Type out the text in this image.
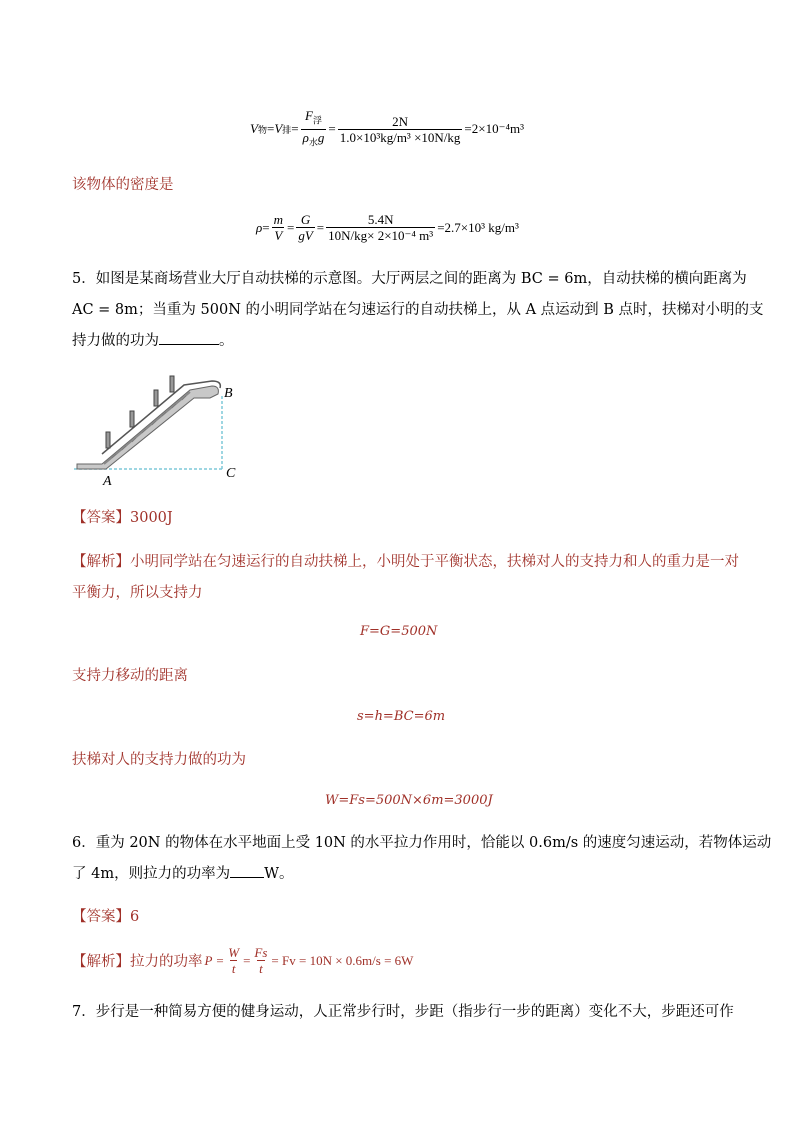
V 物 = V 排 = $\frac{F_浮}{\rho_水g} = \frac{2N}{\text{1.0×10³kg/m³ ×10N/kg}} =2\times 10^{-4}m^3$
该物体的密度是
$\rho = \frac{m}{V} = \frac{G}{gV} = \frac{5.4N}{\text{10N/kg× 2×10⁻⁴ m³}} =2.7\times 10^3$ kg/m³
5．如图是某商场营业大厅自动扶梯的示意图。大厅两层之间的距离为 BC = 6m，自动扶梯的横向距离为
AC = 8m；当重为 500N 的小明同学站在匀速运行的自动扶梯上，从 A 点运动到 B 点时，扶梯对小明的支
持力做的功为	。
B
C
A
【答案】3000J
【解析】小明同学站在匀速运行的自动扶梯上，小明处于平衡状态，扶梯对人的支持力和人的重力是一对
平衡力，所以支持力
F=G=500N
支持力移动的距离
s=h=BC=6m
扶梯对人的支持力做的功为
W=Fs=500N×6m=3000J
6．重为 20N 的物体在水平地面上受 10N 的水平拉力作用时，恰能以 0.6m/s 的速度匀速运动，若物体运动
了 4m，则拉力的功率为 W。
【答案】6
【解析】 拉力的功率 $P = \frac{W}{t} = \frac{Fs}{t} = Fv = 10N \times 0.6m/s = 6W$
7．步行是一种简易方便的健身运动，人正常步行时，步距（指步行一步的距离）变化不大，步距还可作
